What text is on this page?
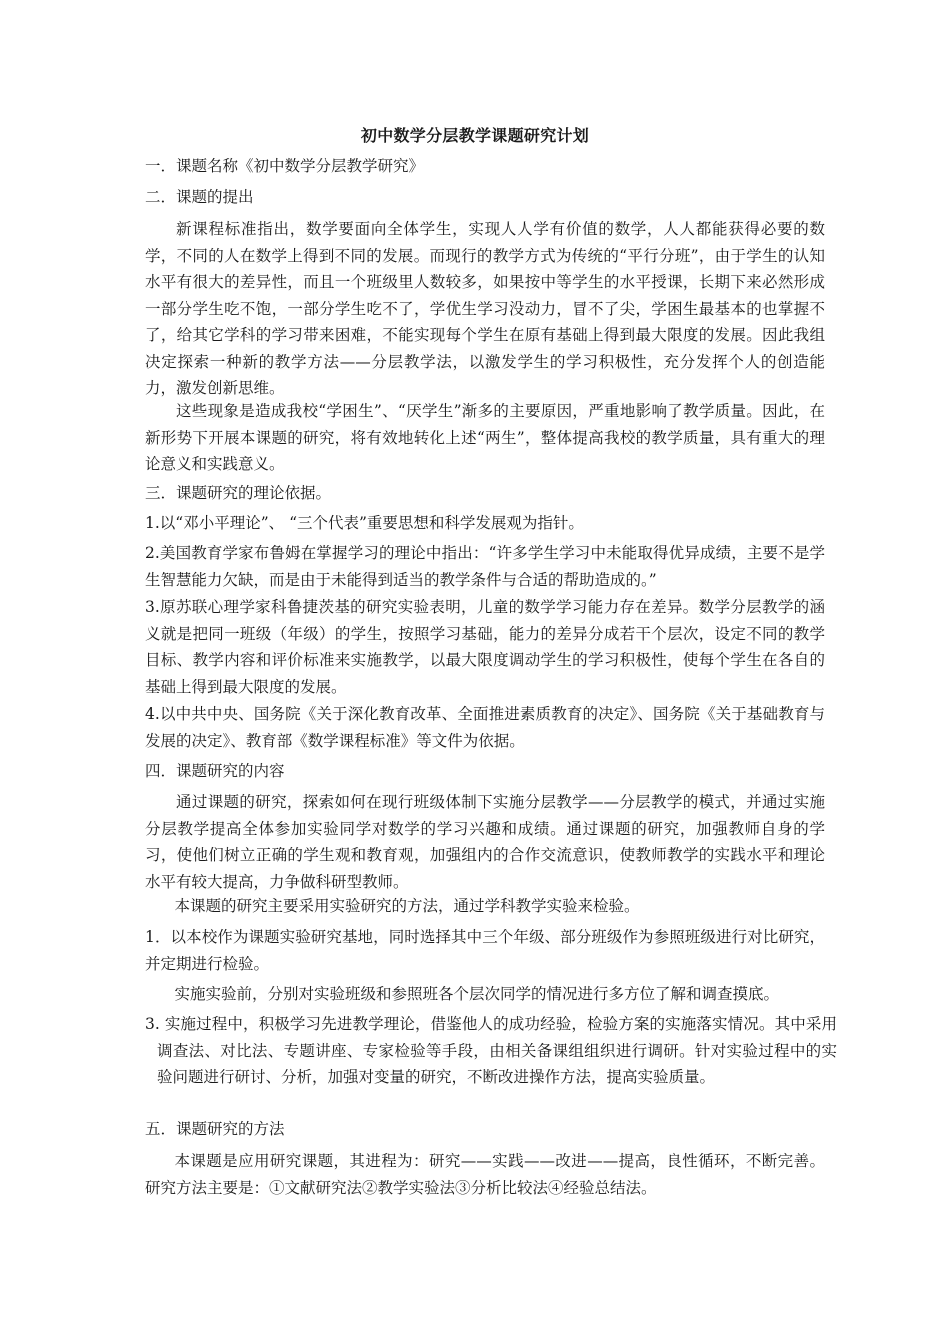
初中数学分层教学课题研究计划
一．课题名称《初中数学分层教学研究》
二．课题的提出
新课程标准指出，数学要面向全体学生，实现人人学有价值的数学，人人都能获得必要的数学，不同的人在数学上得到不同的发展。而现行的教学方式为传统的“平行分班”，由于学生的认知水平有很大的差异性，而且一个班级里人数较多，如果按中等学生的水平授课，长期下来必然形成一部分学生吃不饱，一部分学生吃不了，学优生学习没动力，冒不了尖，学困生最基本的也掌握不了，给其它学科的学习带来困难，不能实现每个学生在原有基础上得到最大限度的发展。因此我组决定探索一种新的教学方法——分层教学法，以激发学生的学习积极性，充分发挥个人的创造能力，激发创新思维。
这些现象是造成我校“学困生”、“厌学生”渐多的主要原因，严重地影响了教学质量。因此，在新形势下开展本课题的研究，将有效地转化上述“两生”，整体提高我校的教学质量，具有重大的理论意义和实践意义。
三．课题研究的理论依据。
1.以“邓小平理论”、 “三个代表”重要思想和科学发展观为指针。
2.美国教育学家布鲁姆在掌握学习的理论中指出：“许多学生学习中未能取得优异成绩，主要不是学生智慧能力欠缺，而是由于未能得到适当的教学条件与合适的帮助造成的。”
3.原苏联心理学家科鲁捷茨基的研究实验表明，儿童的数学学习能力存在差异。数学分层教学的涵义就是把同一班级（年级）的学生，按照学习基础，能力的差异分成若干个层次，设定不同的教学目标、教学内容和评价标准来实施教学，以最大限度调动学生的学习积极性，使每个学生在各自的基础上得到最大限度的发展。
4.以中共中央、国务院《关于深化教育改革、全面推进素质教育的决定》、国务院《关于基础教育与发展的决定》、教育部《数学课程标准》等文件为依据。
四．课题研究的内容
通过课题的研究，探索如何在现行班级体制下实施分层教学——分层教学的模式，并通过实施分层教学提高全体参加实验同学对数学的学习兴趣和成绩。通过课题的研究，加强教师自身的学习，使他们树立正确的学生观和教育观，加强组内的合作交流意识，使教师教学的实践水平和理论水平有较大提高，力争做科研型教师。
本课题的研究主要采用实验研究的方法，通过学科教学实验来检验。
1．以本校作为课题实验研究基地，同时选择其中三个年级、部分班级作为参照班级进行对比研究，并定期进行检验。
实施实验前，分别对实验班级和参照班各个层次同学的情况进行多方位了解和调查摸底。
3. 实施过程中，积极学习先进教学理论，借鉴他人的成功经验，检验方案的实施落实情况。其中采用调查法、对比法、专题讲座、专家检验等手段，由相关备课组组织进行调研。针对实验过程中的实验问题进行研讨、分析，加强对变量的研究，不断改进操作方法，提高实验质量。
五．课题研究的方法
本课题是应用研究课题，其进程为：研究——实践——改进——提高，良性循环，不断完善。研究方法主要是：①文献研究法②教学实验法③分析比较法④经验总结法。
